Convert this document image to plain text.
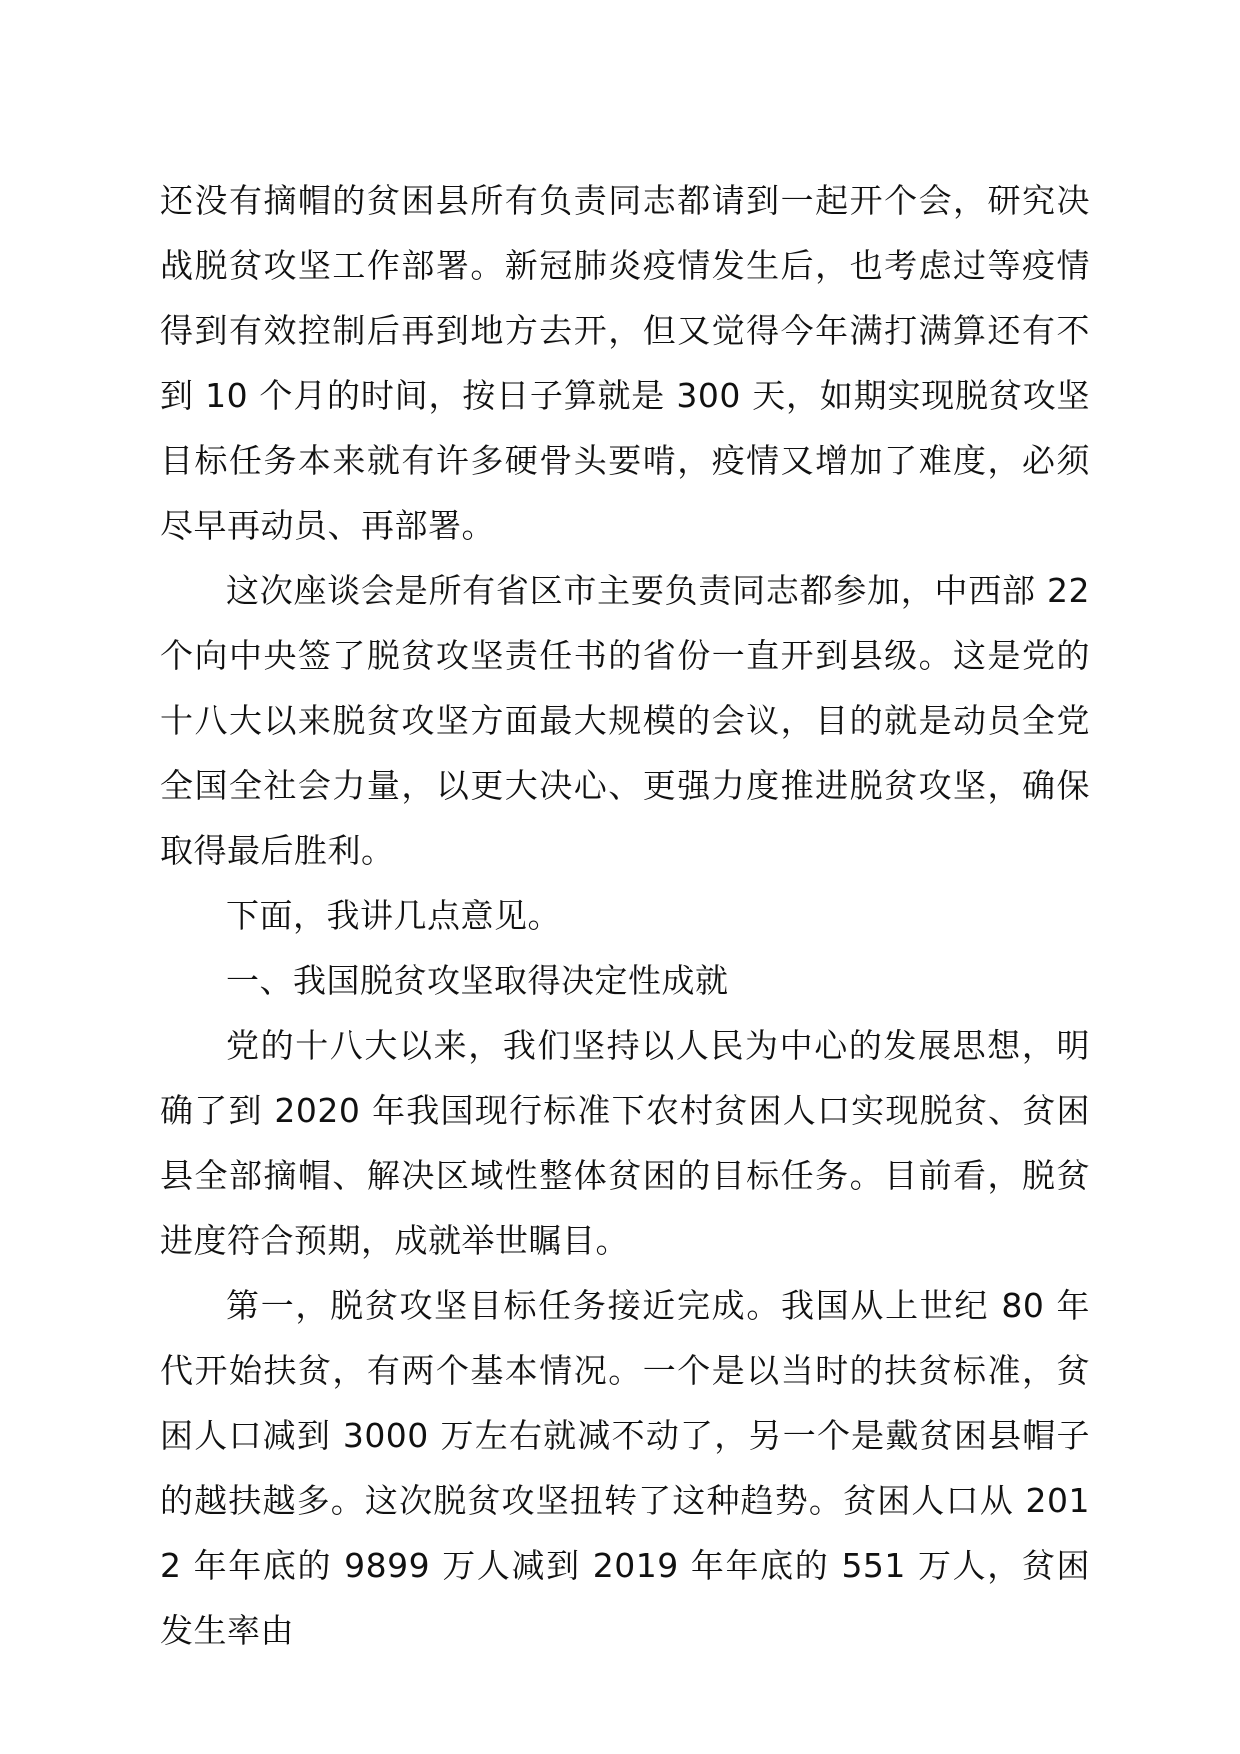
还没有摘帽的贫困县所有负责同志都请到一起开个会，研究决战脱贫攻坚工作部署。新冠肺炎疫情发生后，也考虑过等疫情得到有效控制后再到地方去开，但又觉得今年满打满算还有不到 10 个月的时间，按日子算就是 300 天，如期实现脱贫攻坚目标任务本来就有许多硬骨头要啃，疫情又增加了难度，必须尽早再动员、再部署。

这次座谈会是所有省区市主要负责同志都参加，中西部 22 个向中央签了脱贫攻坚责任书的省份一直开到县级。这是党的十八大以来脱贫攻坚方面最大规模的会议，目的就是动员全党全国全社会力量，以更大决心、更强力度推进脱贫攻坚，确保取得最后胜利。

下面，我讲几点意见。

一、我国脱贫攻坚取得决定性成就

党的十八大以来，我们坚持以人民为中心的发展思想，明确了到 2020 年我国现行标准下农村贫困人口实现脱贫、贫困县全部摘帽、解决区域性整体贫困的目标任务。目前看，脱贫进度符合预期，成就举世瞩目。

第一，脱贫攻坚目标任务接近完成。我国从上世纪 80 年代开始扶贫，有两个基本情况。一个是以当时的扶贫标准，贫困人口减到 3000 万左右就减不动了，另一个是戴贫困县帽子的越扶越多。这次脱贫攻坚扭转了这种趋势。贫困人口从 2012 年年底的 9899 万人减到 2019 年年底的 551 万人，贫困发生率由
